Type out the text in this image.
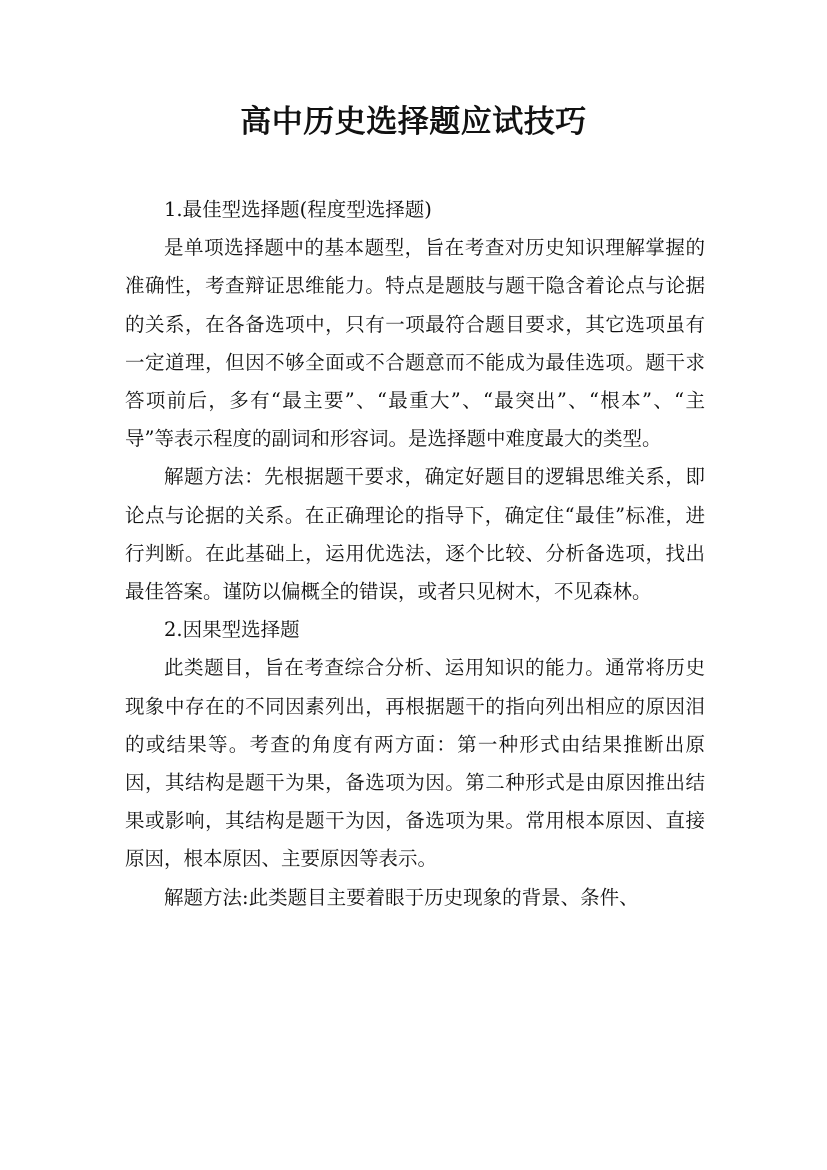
高中历史选择题应试技巧

1.最佳型选择题(程度型选择题)

是单项选择题中的基本题型，旨在考查对历史知识理解掌握的准确性，考查辩证思维能力。特点是题肢与题干隐含着论点与论据的关系，在各备选项中，只有一项最符合题目要求，其它选项虽有一定道理，但因不够全面或不合题意而不能成为最佳选项。题干求答项前后，多有“最主要”、“最重大”、“最突出”、“根本”、“主导”等表示程度的副词和形容词。是选择题中难度最大的类型。

解题方法：先根据题干要求，确定好题目的逻辑思维关系，即论点与论据的关系。在正确理论的指导下，确定住“最佳”标准，进行判断。在此基础上，运用优选法，逐个比较、分析备选项，找出最佳答案。谨防以偏概全的错误，或者只见树木，不见森林。

2.因果型选择题

此类题目，旨在考查综合分析、运用知识的能力。通常将历史现象中存在的不同因素列出，再根据题干的指向列出相应的原因泪的或结果等。考查的角度有两方面：第一种形式由结果推断出原因，其结构是题干为果，备选项为因。第二种形式是由原因推出结果或影响，其结构是题干为因，备选项为果。常用根本原因、直接原因，根本原因、主要原因等表示。

解题方法:此类题目主要着眼于历史现象的背景、条件、
